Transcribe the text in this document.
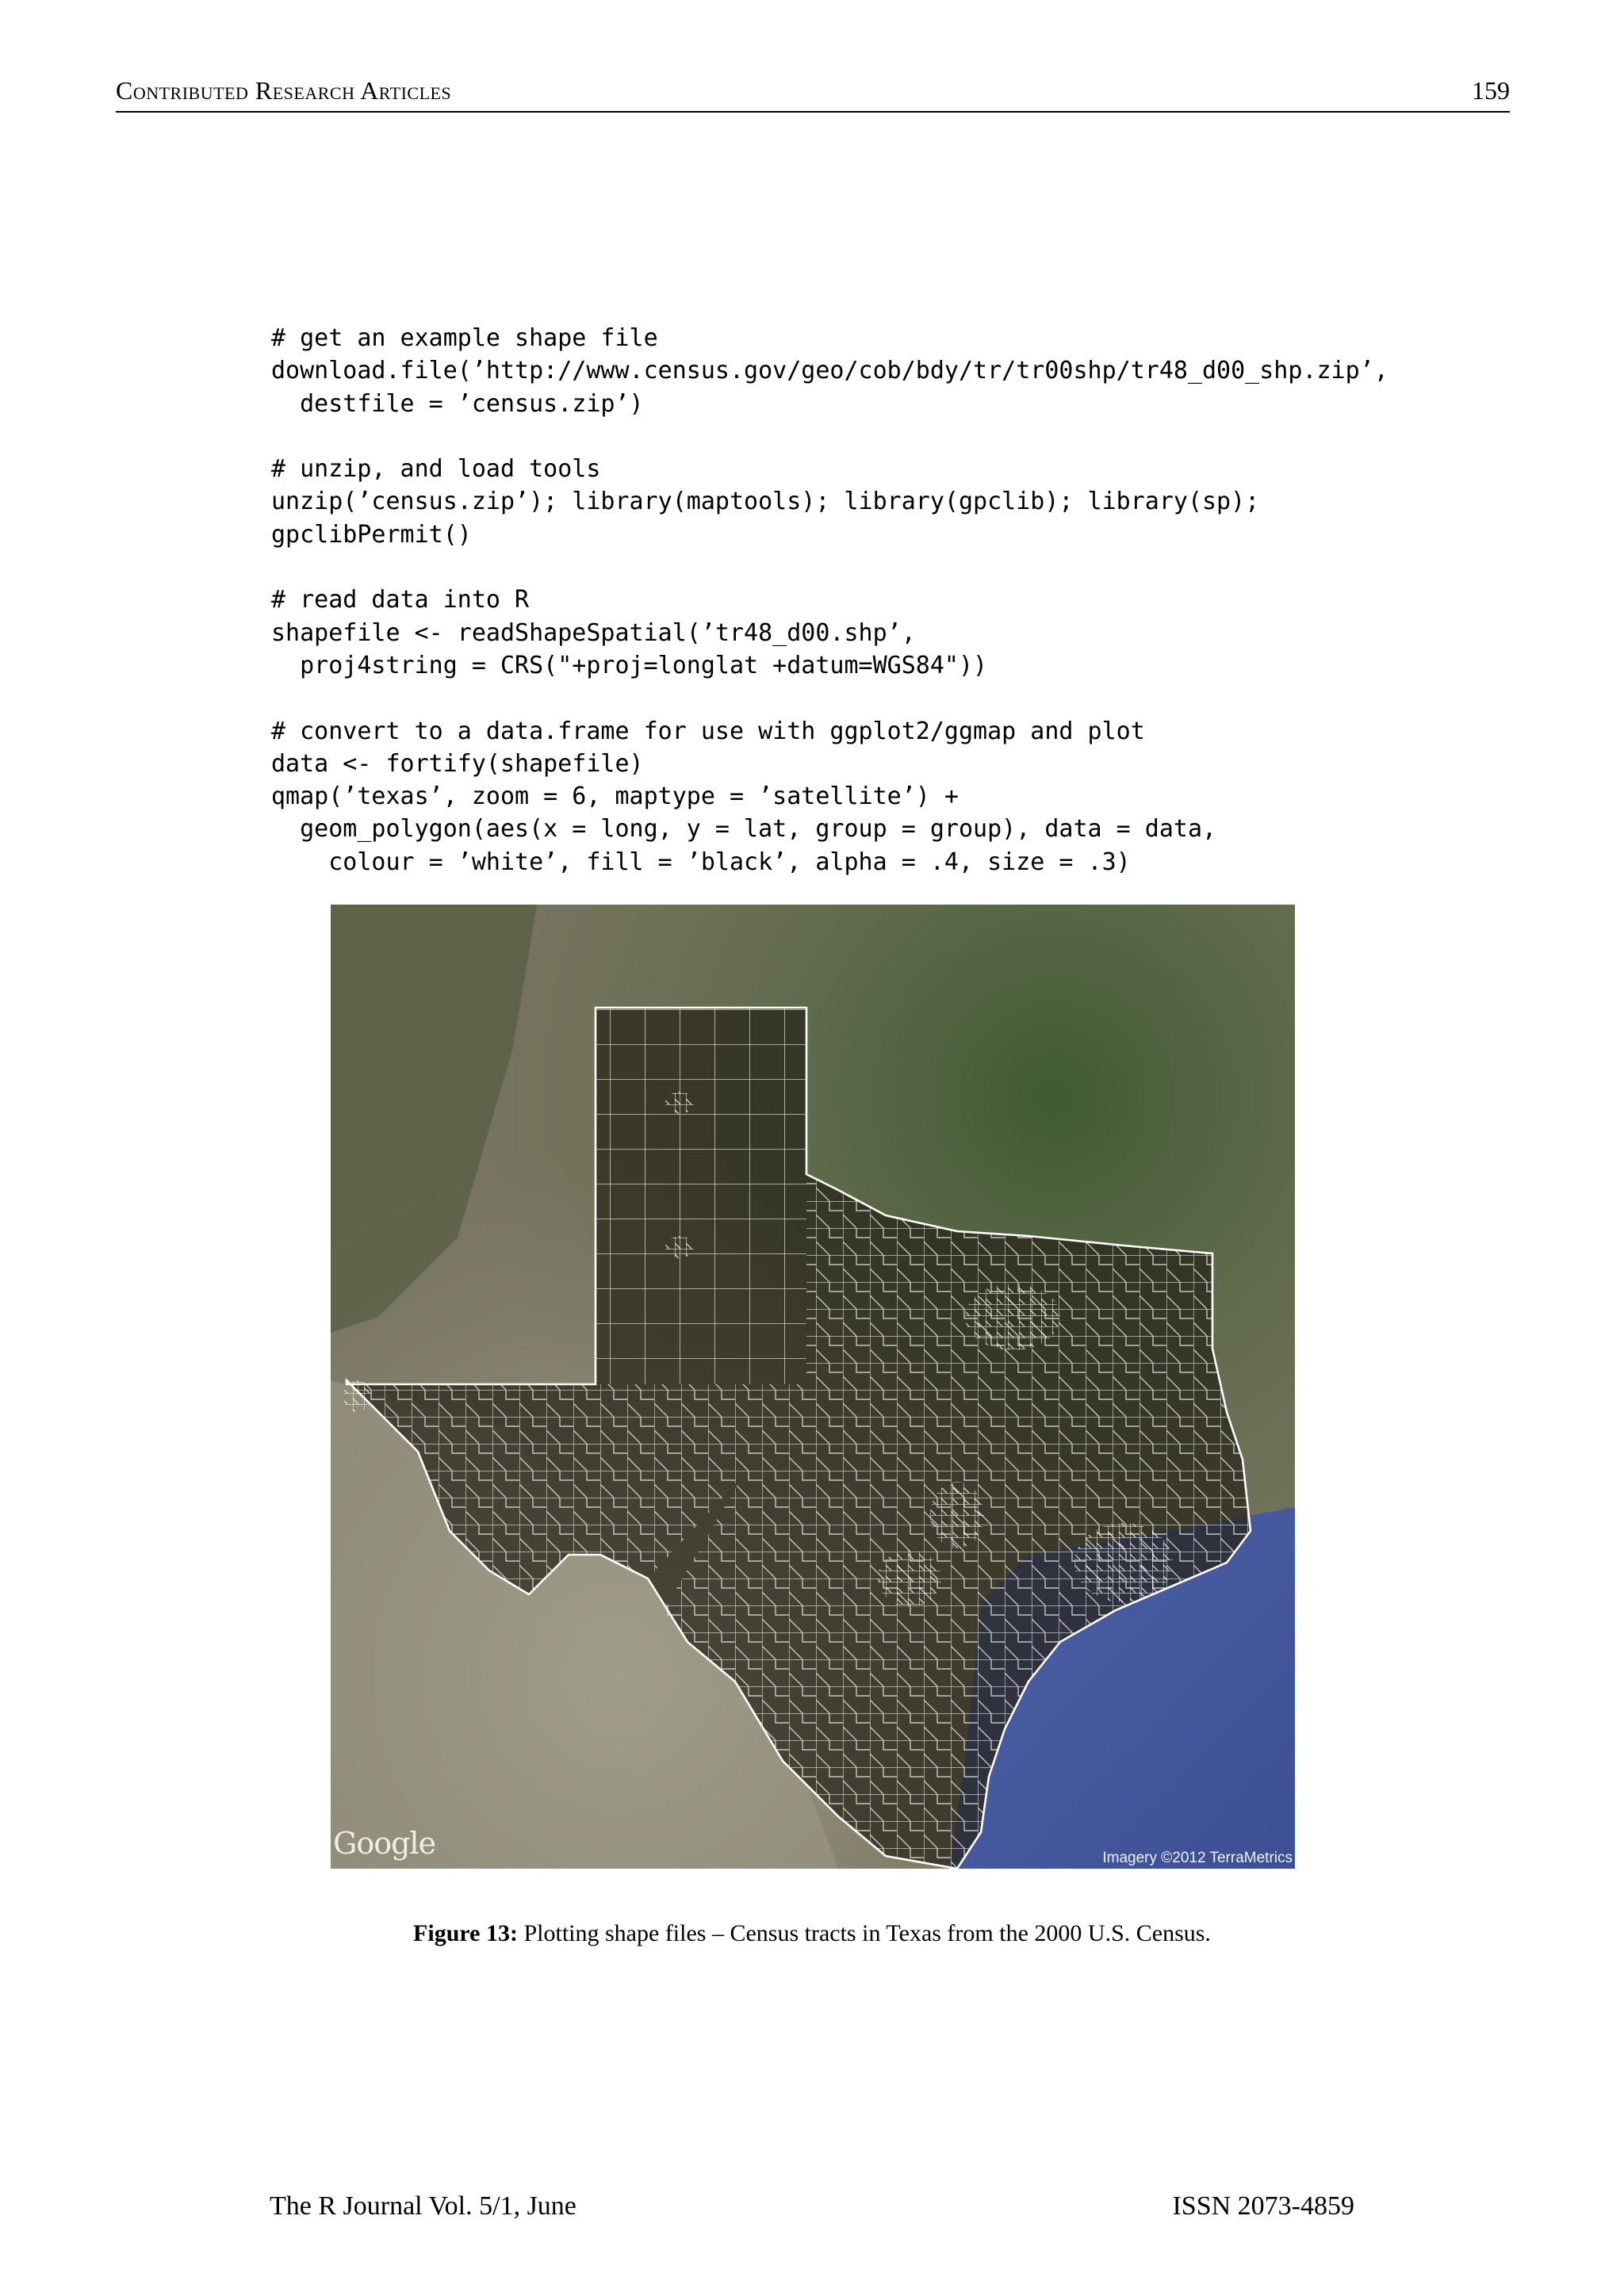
Contributed Research Articles	159
# get an example shape file
download.file(’http://www.census.gov/geo/cob/bdy/tr/tr00shp/tr48_d00_shp.zip’,
destfile = ’census.zip’)
# unzip, and load tools
unzip(’census.zip’); library(maptools); library(gpclib); library(sp);
gpclibPermit()
# read data into R
shapefile <- readShapeSpatial(’tr48_d00.shp’,
proj4string = CRS("+proj=longlat +datum=WGS84"))
# convert to a data.frame for use with ggplot2/ggmap and plot
data <- fortify(shapefile)
qmap(’texas’, zoom = 6, maptype = ’satellite’) +
geom_polygon(aes(x = long, y = lat, group = group), data = data,
colour = ’white’, fill = ’black’, alpha = .4, size = .3)
Google	Imagery ©2012 TerraMetrics
Figure 13: Plotting shape files – Census tracts in Texas from the 2000 U.S. Census.
The R Journal Vol. 5/1, June	ISSN 2073-4859
